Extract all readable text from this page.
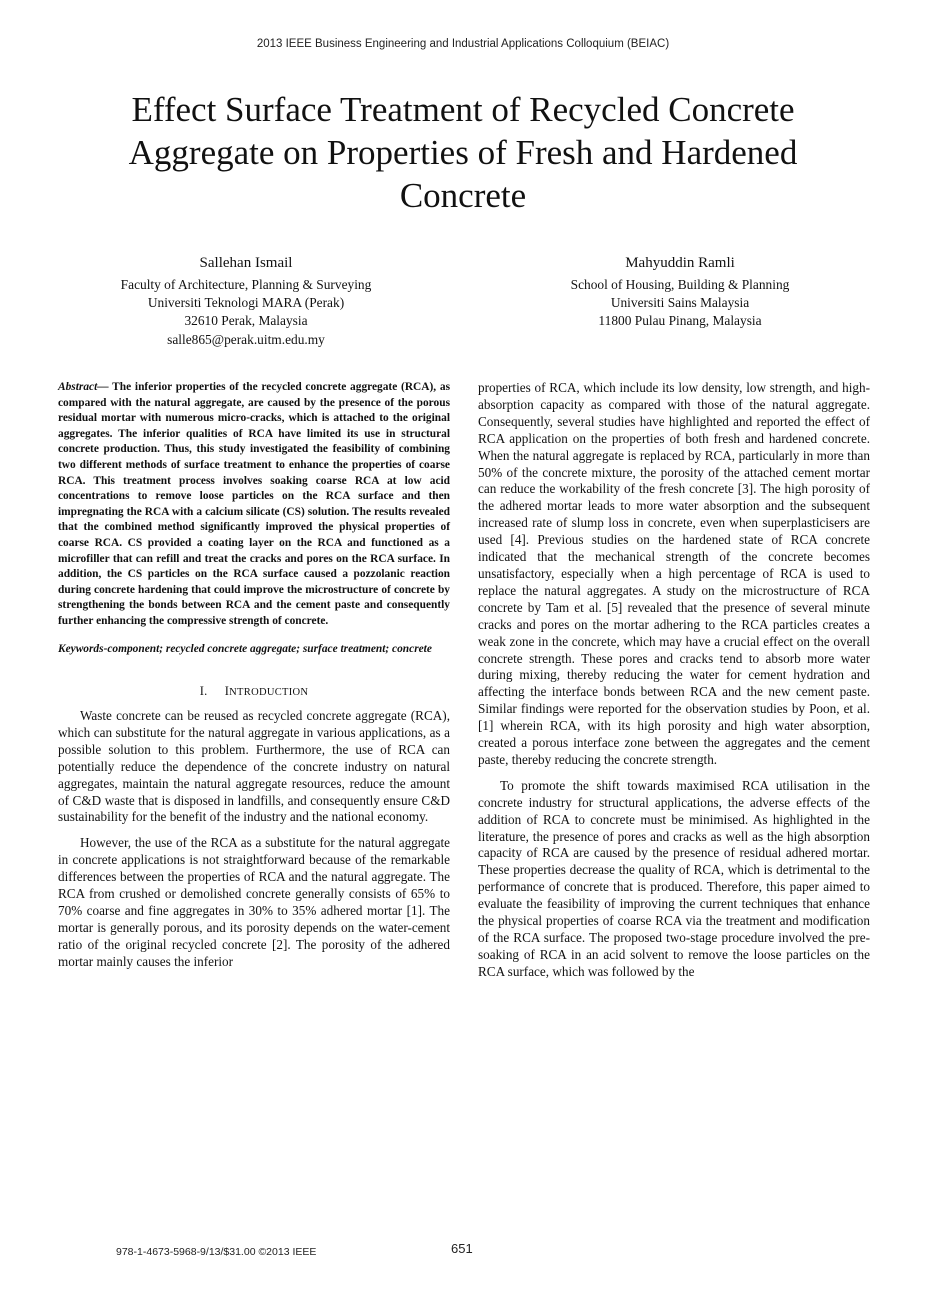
2013 IEEE Business Engineering and Industrial Applications Colloquium (BEIAC)
Effect Surface Treatment of Recycled Concrete Aggregate on Properties of Fresh and Hardened Concrete
Sallehan Ismail
Faculty of Architecture, Planning & Surveying
Universiti Teknologi MARA (Perak)
32610 Perak, Malaysia
salle865@perak.uitm.edu.my
Mahyuddin Ramli
School of Housing, Building & Planning
Universiti Sains Malaysia
11800 Pulau Pinang, Malaysia
Abstract— The inferior properties of the recycled concrete aggregate (RCA), as compared with the natural aggregate, are caused by the presence of the porous residual mortar with numerous micro-cracks, which is attached to the original aggregates. The inferior qualities of RCA have limited its use in structural concrete production. Thus, this study investigated the feasibility of combining two different methods of surface treatment to enhance the properties of coarse RCA. This treatment process involves soaking coarse RCA at low acid concentrations to remove loose particles on the RCA surface and then impregnating the RCA with a calcium silicate (CS) solution. The results revealed that the combined method significantly improved the physical properties of coarse RCA. CS provided a coating layer on the RCA and functioned as a microfiller that can refill and treat the cracks and pores on the RCA surface. In addition, the CS particles on the RCA surface caused a pozzolanic reaction during concrete hardening that could improve the microstructure of concrete by strengthening the bonds between RCA and the cement paste and consequently further enhancing the compressive strength of concrete.
Keywords-component; recycled concrete aggregate; surface treatment; concrete
I. INTRODUCTION

Waste concrete can be reused as recycled concrete aggregate (RCA), which can substitute for the natural aggregate in various applications, as a possible solution to this problem. Furthermore, the use of RCA can potentially reduce the dependence of the concrete industry on natural aggregates, maintain the natural aggregate resources, reduce the amount of C&D waste that is disposed in landfills, and consequently ensure C&D sustainability for the benefit of the industry and the national economy.

However, the use of the RCA as a substitute for the natural aggregate in concrete applications is not straightforward because of the remarkable differences between the properties of RCA and the natural aggregate. The RCA from crushed or demolished concrete generally consists of 65% to 70% coarse and fine aggregates in 30% to 35% adhered mortar [1]. The mortar is generally porous, and its porosity depends on the water-cement ratio of the original recycled concrete [2]. The porosity of the adhered mortar mainly causes the inferior

properties of RCA, which include its low density, low strength, and high-absorption capacity as compared with those of the natural aggregate. Consequently, several studies have highlighted and reported the effect of RCA application on the properties of both fresh and hardened concrete. When the natural aggregate is replaced by RCA, particularly in more than 50% of the concrete mixture, the porosity of the attached cement mortar can reduce the workability of the fresh concrete [3]. The high porosity of the adhered mortar leads to more water absorption and the subsequent increased rate of slump loss in concrete, even when superplasticisers are used [4]. Previous studies on the hardened state of RCA concrete indicated that the mechanical strength of the concrete becomes unsatisfactory, especially when a high percentage of RCA is used to replace the natural aggregates. A study on the microstructure of RCA concrete by Tam et al. [5] revealed that the presence of several minute cracks and pores on the mortar adhering to the RCA particles creates a weak zone in the concrete, which may have a crucial effect on the overall concrete strength. These pores and cracks tend to absorb more water during mixing, thereby reducing the water for cement hydration and affecting the interface bonds between RCA and the new cement paste. Similar findings were reported for the observation studies by Poon, et al. [1] wherein RCA, with its high porosity and high water absorption, created a porous interface zone between the aggregates and the cement paste, thereby reducing the concrete strength.

To promote the shift towards maximised RCA utilisation in the concrete industry for structural applications, the adverse effects of the addition of RCA to concrete must be minimised. As highlighted in the literature, the presence of pores and cracks as well as the high absorption capacity of RCA are caused by the presence of residual adhered mortar. These properties decrease the quality of RCA, which is detrimental to the performance of concrete that is produced. Therefore, this paper aimed to evaluate the feasibility of improving the current techniques that enhance the physical properties of coarse RCA via the treatment and modification of the RCA surface. The proposed two-stage procedure involved the pre-soaking of RCA in an acid solvent to remove the loose particles on the RCA surface, which was followed by the

978-1-4673-5968-9/13/$31.00 ©2013 IEEE	651
